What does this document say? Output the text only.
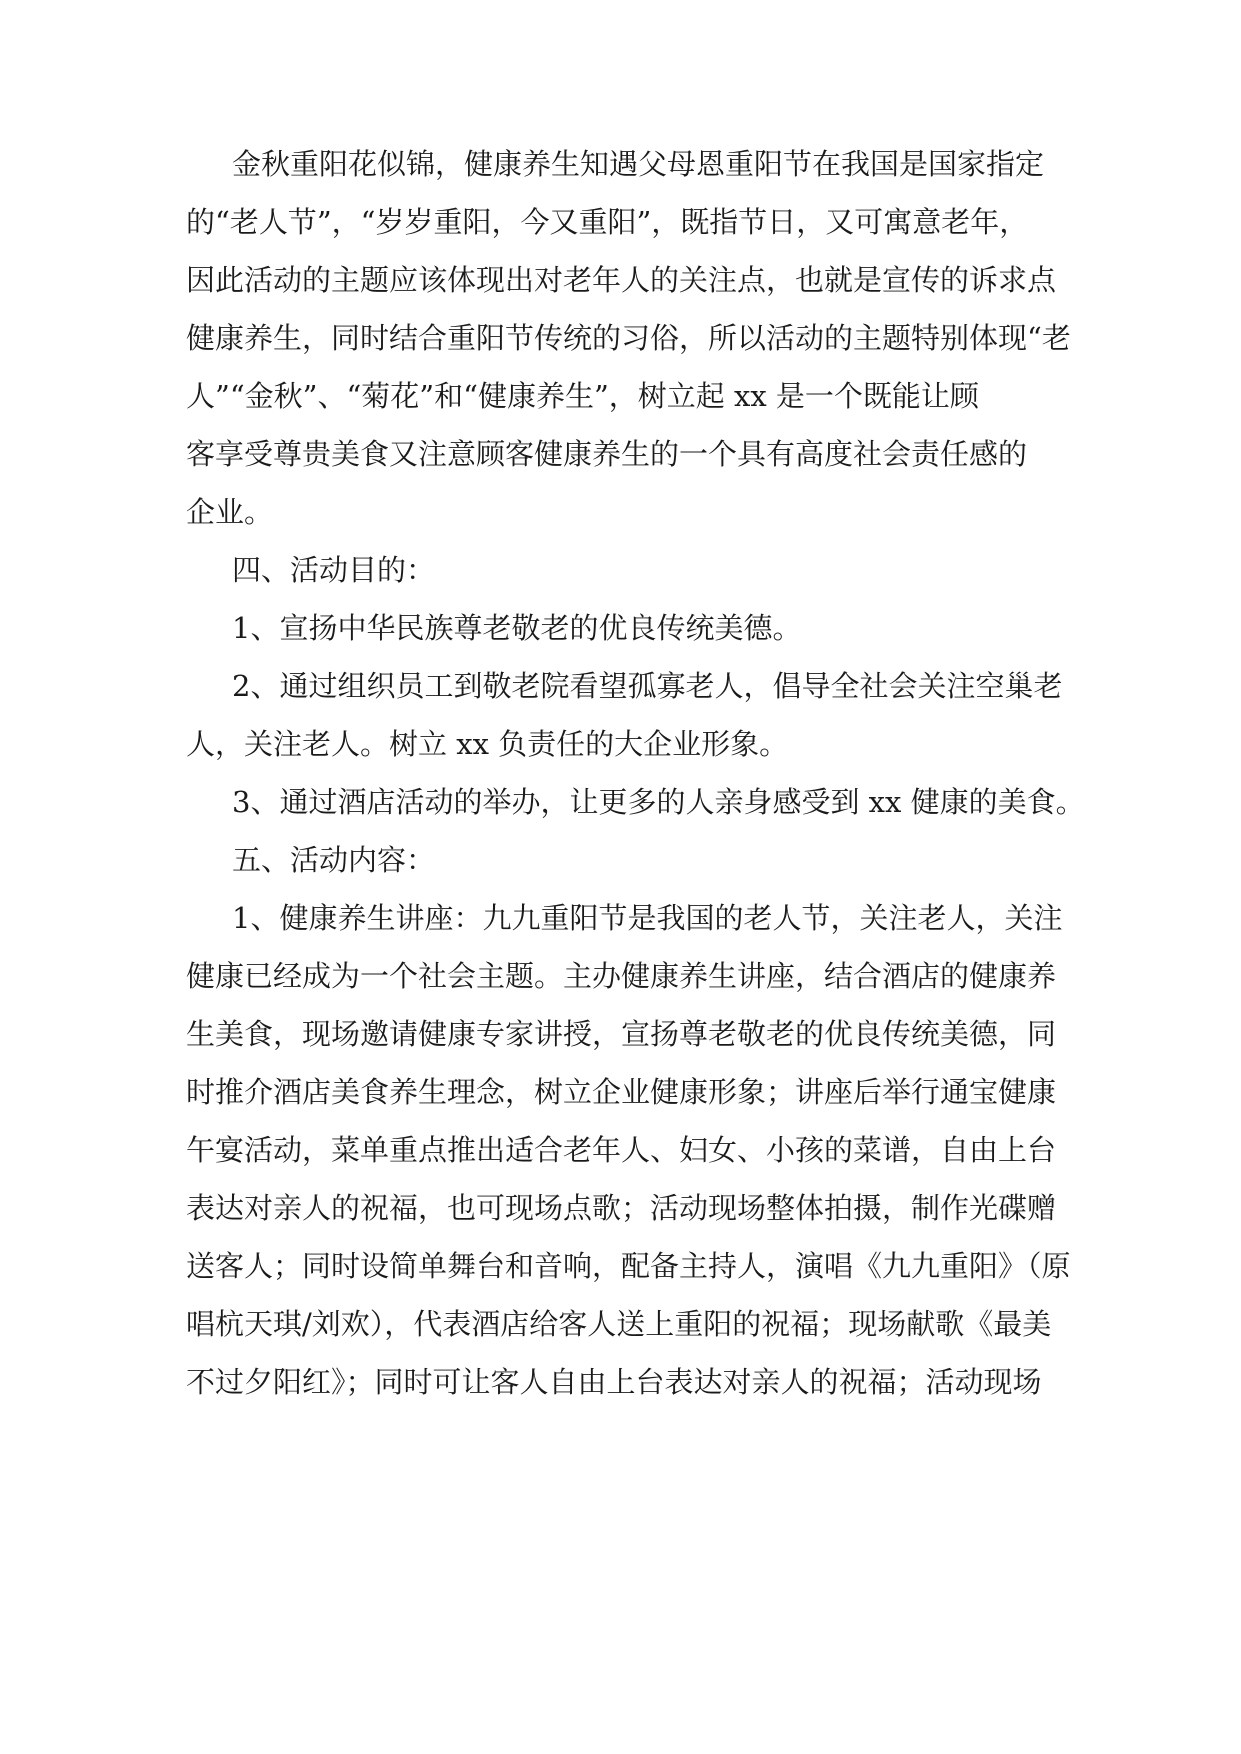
金秋重阳花似锦，健康养生知遇父母恩重阳节在我国是国家指定
的“老人节”，“岁岁重阳，今又重阳”，既指节日，又可寓意老年，
因此活动的主题应该体现出对老年人的关注点，也就是宣传的诉求点
健康养生，同时结合重阳节传统的习俗，所以活动的主题特别体现“老
人”“金秋”、“菊花”和“健康养生”，树立起 xx 是一个既能让顾
客享受尊贵美食又注意顾客健康养生的一个具有高度社会责任感的
企业。
四、活动目的：
1、宣扬中华民族尊老敬老的优良传统美德。
2、通过组织员工到敬老院看望孤寡老人，倡导全社会关注空巢老
人，关注老人。树立 xx 负责任的大企业形象。
3、通过酒店活动的举办，让更多的人亲身感受到 xx 健康的美食。
五、活动内容：
1、健康养生讲座：九九重阳节是我国的老人节，关注老人，关注
健康已经成为一个社会主题。主办健康养生讲座，结合酒店的健康养
生美食，现场邀请健康专家讲授，宣扬尊老敬老的优良传统美德，同
时推介酒店美食养生理念，树立企业健康形象；讲座后举行通宝健康
午宴活动，菜单重点推出适合老年人、妇女、小孩的菜谱，自由上台
表达对亲人的祝福，也可现场点歌；活动现场整体拍摄，制作光碟赠
送客人；同时设简单舞台和音响，配备主持人，演唱《九九重阳》（原
唱杭天琪/刘欢），代表酒店给客人送上重阳的祝福；现场献歌《最美
不过夕阳红》；同时可让客人自由上台表达对亲人的祝福；活动现场
